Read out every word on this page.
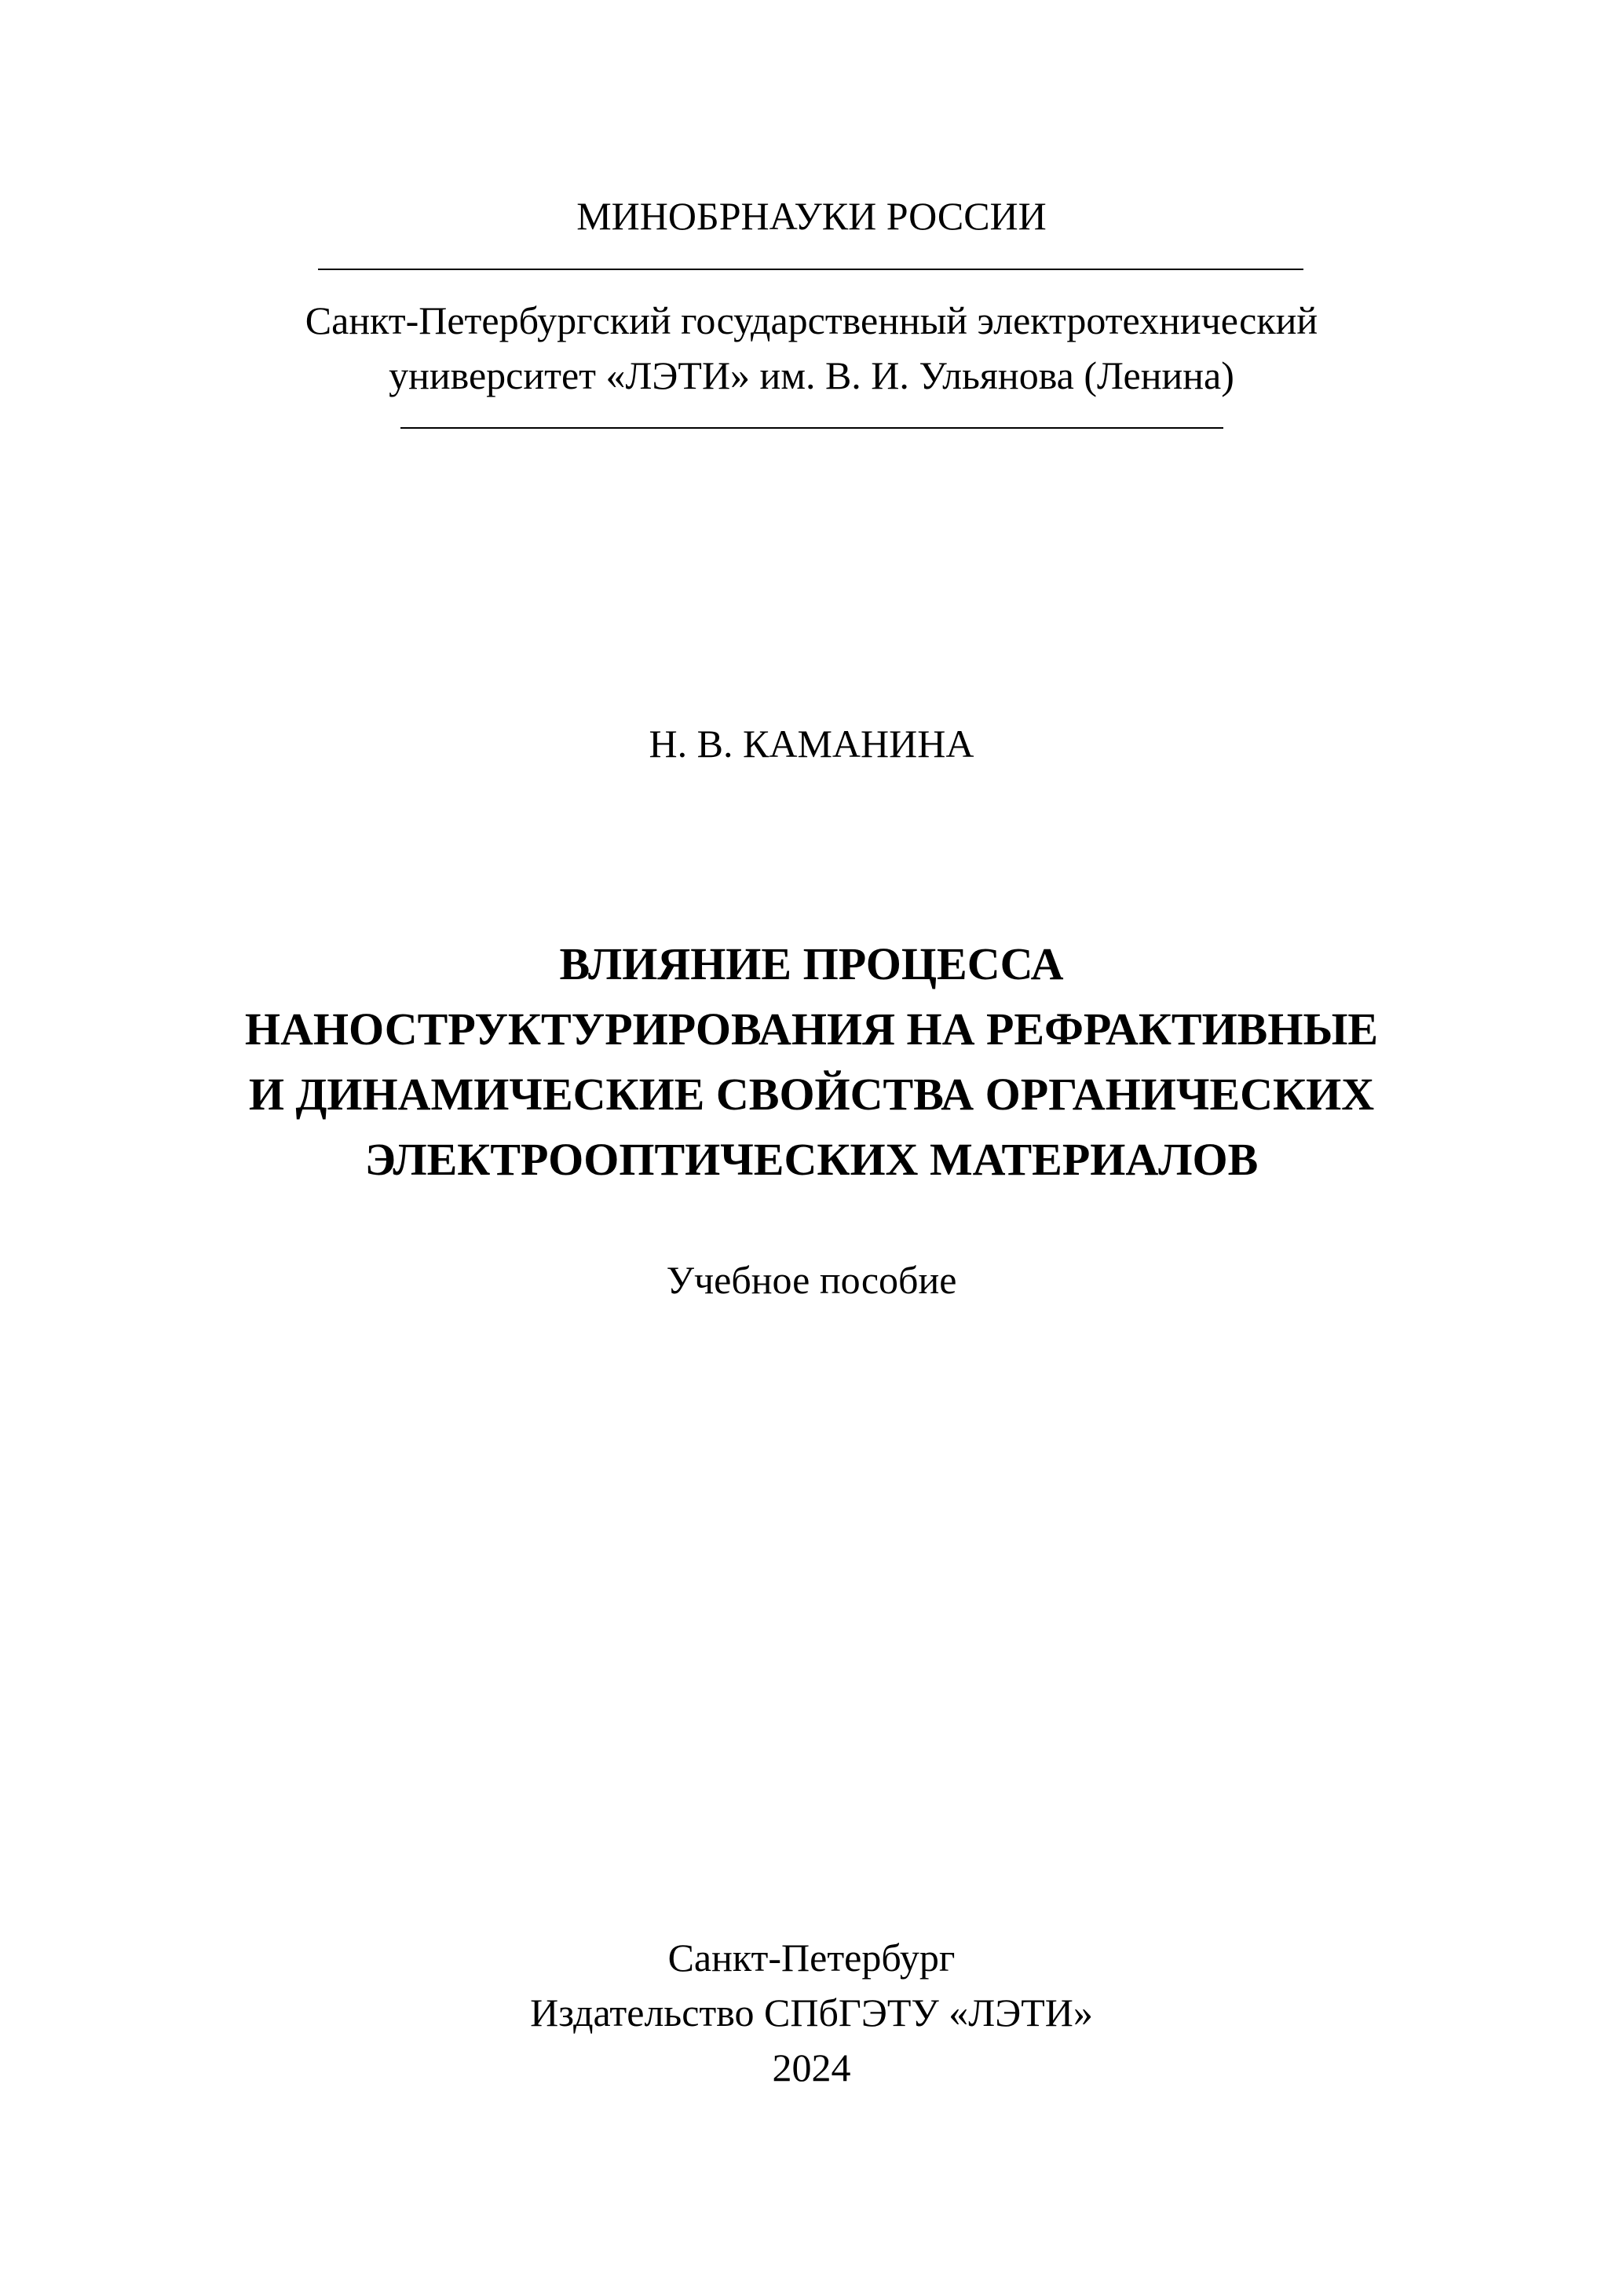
МИНОБРНАУКИ РОССИИ
Санкт-Петербургский государственный электротехнический
университет «ЛЭТИ» им. В. И. Ульянова (Ленина)
Н. В. КАМАНИНА
ВЛИЯНИЕ ПРОЦЕССА
НАНОСТРУКТУРИРОВАНИЯ НА РЕФРАКТИВНЫЕ
И ДИНАМИЧЕСКИЕ СВОЙСТВА ОРГАНИЧЕСКИХ
ЭЛЕКТРООПТИЧЕСКИХ МАТЕРИАЛОВ
Учебное пособие
Санкт-Петербург
Издательство СПбГЭТУ «ЛЭТИ»
2024
